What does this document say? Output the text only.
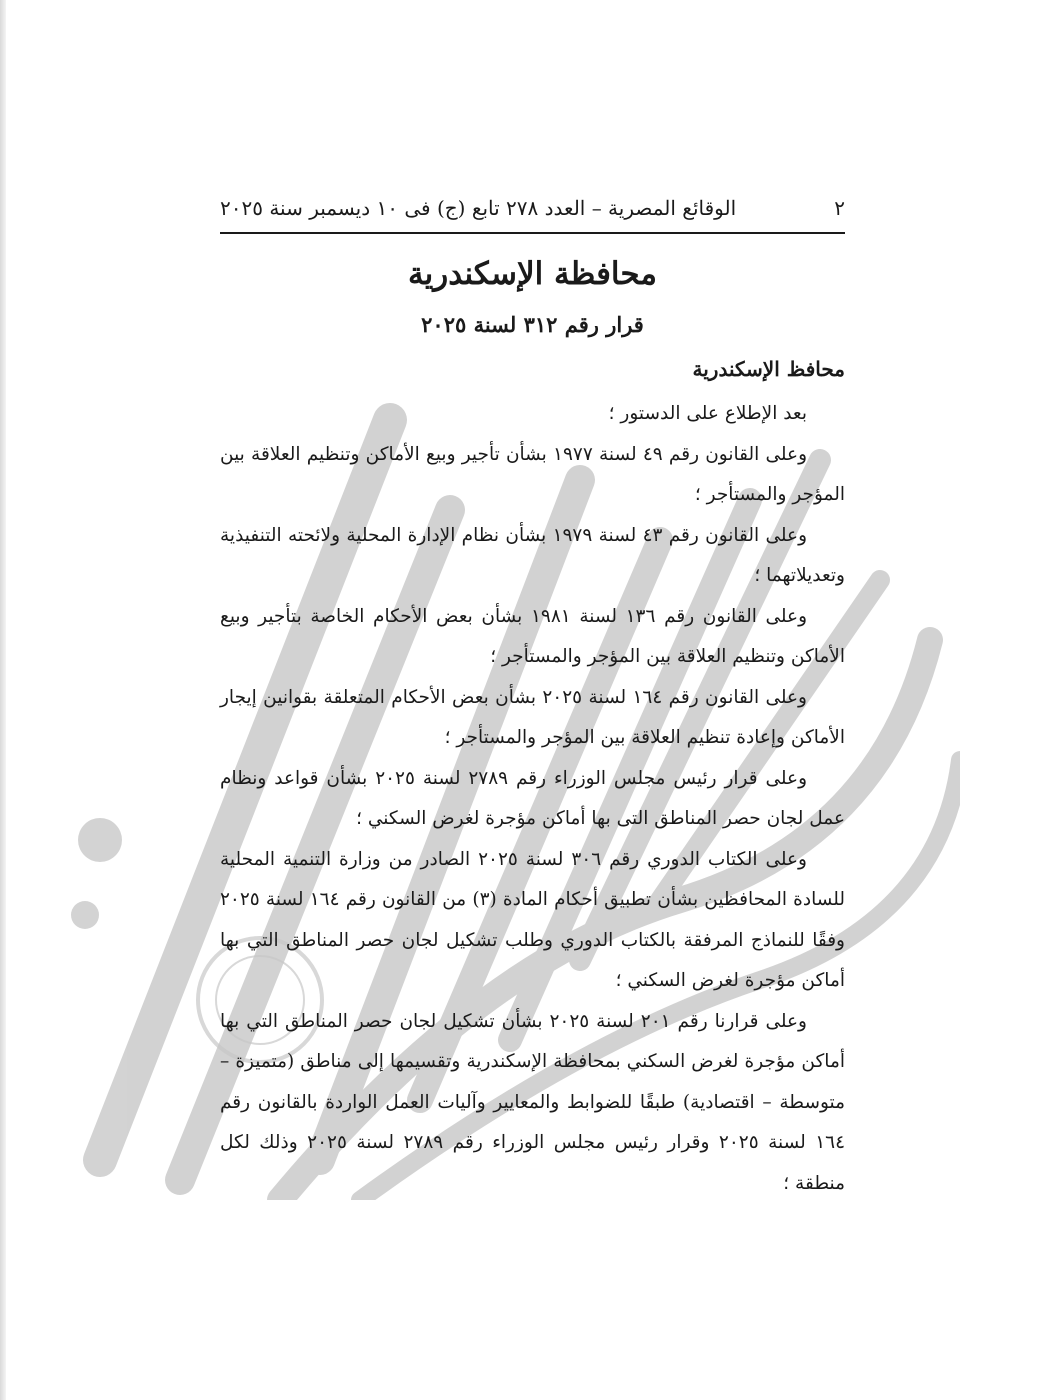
٢
الوقائع المصرية – العدد ٢٧٨ تابع (ج) فى ١٠ ديسمبر سنة ٢٠٢٥
محافظة الإسكندرية
قرار رقم ٣١٢ لسنة ٢٠٢٥
محافظ الإسكندرية

بعد الإطلاع على الدستور ؛

وعلى القانون رقم ٤٩ لسنة ١٩٧٧ بشأن تأجير وبيع الأماكن وتنظيم العلاقة بين المؤجر والمستأجر ؛

وعلى القانون رقم ٤٣ لسنة ١٩٧٩ بشأن نظام الإدارة المحلية ولائحته التنفيذية وتعديلاتهما ؛

وعلى القانون رقم ١٣٦ لسنة ١٩٨١ بشأن بعض الأحكام الخاصة بتأجير وبيع الأماكن وتنظيم العلاقة بين المؤجر والمستأجر ؛

وعلى القانون رقم ١٦٤ لسنة ٢٠٢٥ بشأن بعض الأحكام المتعلقة بقوانين إيجار الأماكن وإعادة تنظيم العلاقة بين المؤجر والمستأجر ؛

وعلى قرار رئيس مجلس الوزراء رقم ٢٧٨٩ لسنة ٢٠٢٥ بشأن قواعد ونظام عمل لجان حصر المناطق التى بها أماكن مؤجرة لغرض السكني ؛

وعلى الكتاب الدوري رقم ٣٠٦ لسنة ٢٠٢٥ الصادر من وزارة التنمية المحلية للسادة المحافظين بشأن تطبيق أحكام المادة (٣) من القانون رقم ١٦٤ لسنة ٢٠٢٥ وفقًا للنماذج المرفقة بالكتاب الدوري وطلب تشكيل لجان حصر المناطق التي بها أماكن مؤجرة لغرض السكني ؛

وعلى قرارنا رقم ٢٠١ لسنة ٢٠٢٥ بشأن تشكيل لجان حصر المناطق التي بها أماكن مؤجرة لغرض السكني بمحافظة الإسكندرية وتقسيمها إلى مناطق (متميزة – متوسطة – اقتصادية) طبقًا للضوابط والمعايير وآليات العمل الواردة بالقانون رقم ١٦٤ لسنة ٢٠٢٥ وقرار رئيس مجلس الوزراء رقم ٢٧٨٩ لسنة ٢٠٢٥ وذلك لكل منطقة ؛
